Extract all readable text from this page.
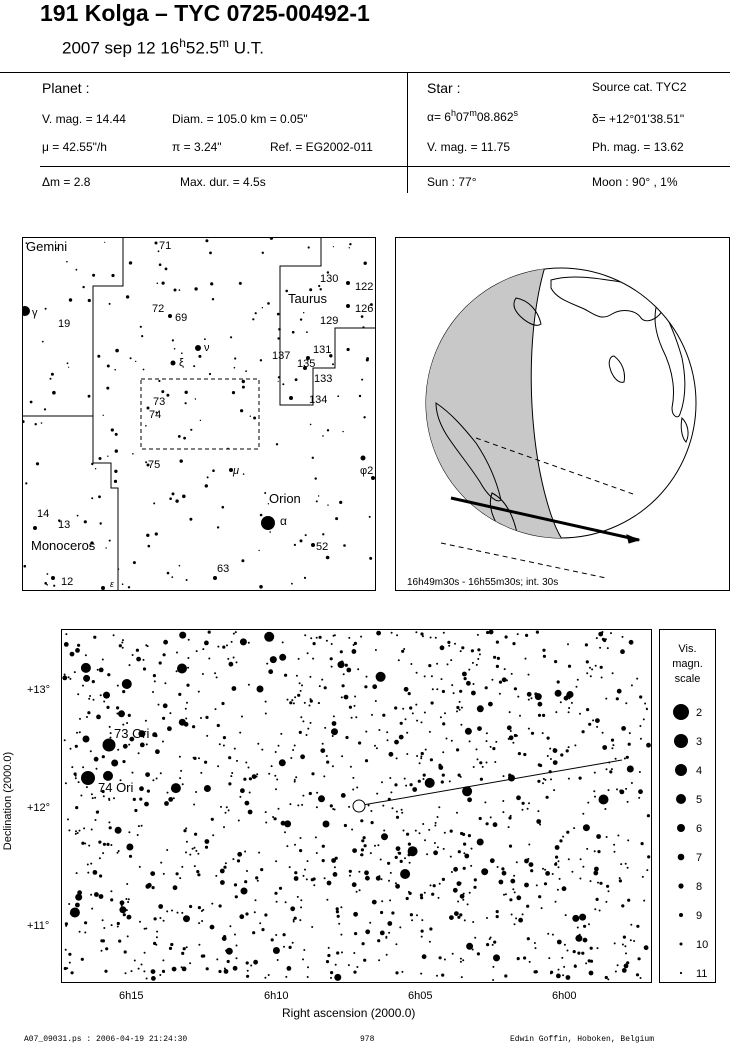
191 Kolga – TYC 0725-00492-1
2007 sep 12 16$^h$52.5$^m$ U.T.
Planet :
V. mag. = 14.44	Diam. = 105.0 km = 0.05"
μ = 42.55"/h	π = 3.24"	Ref. = EG2002-011
Star :	Source cat. TYC2
$\alpha= 6^h07^m08.862^s$	δ= +12°01'38.51"
V. mag. = 11.75	Ph. mag. = 13.62
Δm = 2.8	Max. dur. = 4.5s	Sun : 77°	Moon : 90° , 1%
Gemini
Taurus
Orion
Monoceros
71
130
122
126
γ
19
72
69	129
ν
ξ
137 131
135
133
134
73
74
75	μ	φ2
α
14
13
52
63
12	ε	16h49m30s - 16h55m30s; int. 30s
73 Ori
74 Ori
Declination (2000.0)
+13°
+12°
+11°
6h15	6h10	6h05	6h00
Right ascension (2000.0)
Vis.
magn.
scale
2
3
4
5
6
7
8
9
10
11
A07_09031.ps : 2006-04-19 21:24:30	978	Edwin Goffin, Hoboken, Belgium
